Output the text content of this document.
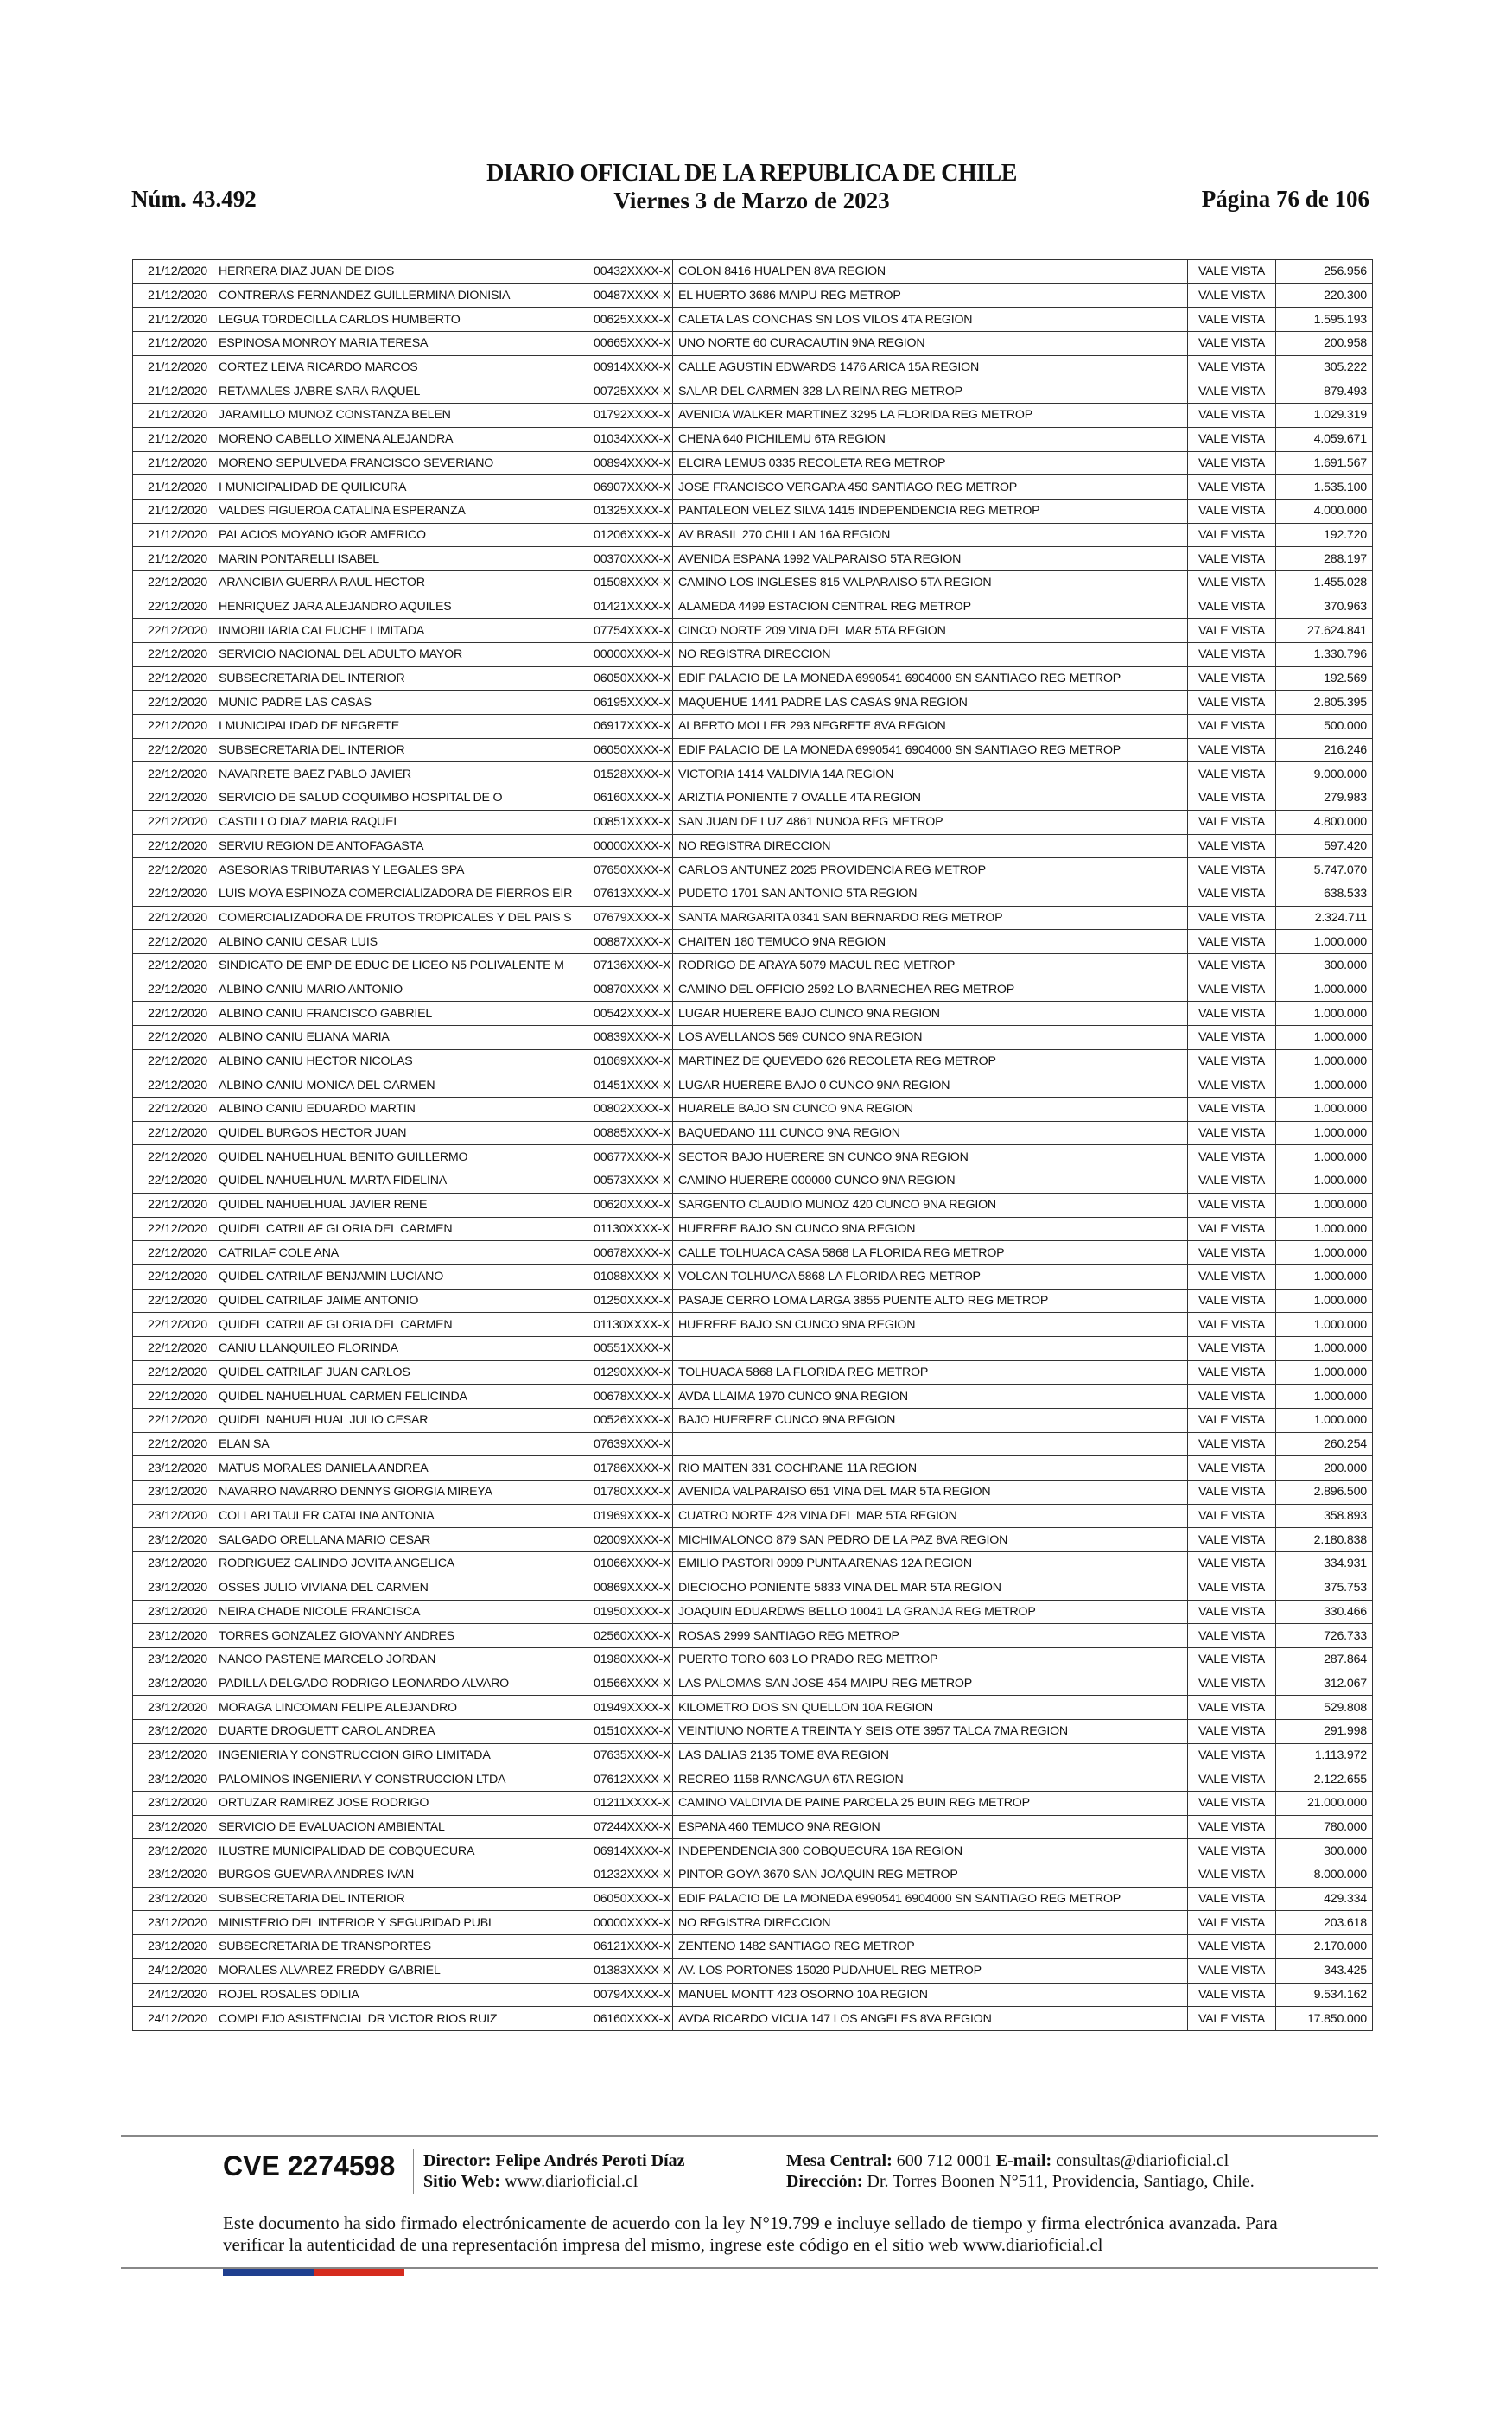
Núm. 43.492
DIARIO OFICIAL DE LA REPUBLICA DE CHILE
Viernes 3 de Marzo de 2023	Página 76 de 106
21/12/2020	HERRERA DIAZ JUAN DE DIOS	00432XXXX-X	COLON 8416 HUALPEN 8VA REGION	VALE VISTA	256.956
21/12/2020	CONTRERAS FERNANDEZ GUILLERMINA DIONISIA	00487XXXX-X	EL HUERTO 3686 MAIPU REG METROP	VALE VISTA	220.300
21/12/2020	LEGUA TORDECILLA CARLOS HUMBERTO	00625XXXX-X	CALETA LAS CONCHAS SN LOS VILOS 4TA REGION	VALE VISTA	1.595.193
21/12/2020	ESPINOSA MONROY MARIA TERESA	00665XXXX-X	UNO NORTE 60 CURACAUTIN 9NA REGION	VALE VISTA	200.958
21/12/2020	CORTEZ LEIVA RICARDO MARCOS	00914XXXX-X	CALLE AGUSTIN EDWARDS 1476 ARICA 15A REGION	VALE VISTA	305.222
21/12/2020	RETAMALES JABRE SARA RAQUEL	00725XXXX-X	SALAR DEL CARMEN 328 LA REINA REG METROP	VALE VISTA	879.493
21/12/2020	JARAMILLO MUNOZ CONSTANZA BELEN	01792XXXX-X	AVENIDA WALKER MARTINEZ 3295 LA FLORIDA REG METROP	VALE VISTA	1.029.319
21/12/2020	MORENO CABELLO XIMENA ALEJANDRA	01034XXXX-X	CHENA 640 PICHILEMU 6TA REGION	VALE VISTA	4.059.671
21/12/2020	MORENO SEPULVEDA FRANCISCO SEVERIANO	00894XXXX-X	ELCIRA LEMUS 0335 RECOLETA REG METROP	VALE VISTA	1.691.567
21/12/2020	I MUNICIPALIDAD DE QUILICURA	06907XXXX-X	JOSE FRANCISCO VERGARA 450 SANTIAGO REG METROP	VALE VISTA	1.535.100
21/12/2020	VALDES FIGUEROA CATALINA ESPERANZA	01325XXXX-X	PANTALEON VELEZ SILVA 1415 INDEPENDENCIA REG METROP	VALE VISTA	4.000.000
21/12/2020	PALACIOS MOYANO IGOR AMERICO	01206XXXX-X	AV BRASIL 270 CHILLAN 16A REGION	VALE VISTA	192.720
21/12/2020	MARIN PONTARELLI ISABEL	00370XXXX-X	AVENIDA ESPANA 1992 VALPARAISO 5TA REGION	VALE VISTA	288.197
22/12/2020	ARANCIBIA GUERRA RAUL HECTOR	01508XXXX-X	CAMINO LOS INGLESES 815 VALPARAISO 5TA REGION	VALE VISTA	1.455.028
22/12/2020	HENRIQUEZ JARA ALEJANDRO AQUILES	01421XXXX-X	ALAMEDA 4499 ESTACION CENTRAL REG METROP	VALE VISTA	370.963
22/12/2020	INMOBILIARIA CALEUCHE LIMITADA	07754XXXX-X	CINCO NORTE 209 VINA DEL MAR 5TA REGION	VALE VISTA	27.624.841
22/12/2020	SERVICIO NACIONAL DEL ADULTO MAYOR	00000XXXX-X	NO REGISTRA DIRECCION	VALE VISTA	1.330.796
22/12/2020	SUBSECRETARIA DEL INTERIOR	06050XXXX-X	EDIF PALACIO DE LA MONEDA 6990541 6904000 SN SANTIAGO REG METROP	VALE VISTA	192.569
22/12/2020	MUNIC PADRE LAS CASAS	06195XXXX-X	MAQUEHUE 1441 PADRE LAS CASAS 9NA REGION	VALE VISTA	2.805.395
22/12/2020	I MUNICIPALIDAD DE NEGRETE	06917XXXX-X	ALBERTO MOLLER 293 NEGRETE 8VA REGION	VALE VISTA	500.000
22/12/2020	SUBSECRETARIA DEL INTERIOR	06050XXXX-X	EDIF PALACIO DE LA MONEDA 6990541 6904000 SN SANTIAGO REG METROP	VALE VISTA	216.246
22/12/2020	NAVARRETE BAEZ PABLO JAVIER	01528XXXX-X	VICTORIA 1414 VALDIVIA 14A REGION	VALE VISTA	9.000.000
22/12/2020	SERVICIO DE SALUD COQUIMBO HOSPITAL DE O	06160XXXX-X	ARIZTIA PONIENTE 7 OVALLE 4TA REGION	VALE VISTA	279.983
22/12/2020	CASTILLO DIAZ MARIA RAQUEL	00851XXXX-X	SAN JUAN DE LUZ 4861 NUNOA REG METROP	VALE VISTA	4.800.000
22/12/2020	SERVIU REGION DE ANTOFAGASTA	00000XXXX-X	NO REGISTRA DIRECCION	VALE VISTA	597.420
22/12/2020	ASESORIAS TRIBUTARIAS Y LEGALES SPA	07650XXXX-X	CARLOS ANTUNEZ 2025 PROVIDENCIA REG METROP	VALE VISTA	5.747.070
22/12/2020	LUIS MOYA ESPINOZA COMERCIALIZADORA DE FIERROS EIR	07613XXXX-X	PUDETO 1701 SAN ANTONIO 5TA REGION	VALE VISTA	638.533
22/12/2020	COMERCIALIZADORA DE FRUTOS TROPICALES Y DEL PAIS S	07679XXXX-X	SANTA MARGARITA 0341 SAN BERNARDO REG METROP	VALE VISTA	2.324.711
22/12/2020	ALBINO CANIU CESAR LUIS	00887XXXX-X	CHAITEN 180 TEMUCO 9NA REGION	VALE VISTA	1.000.000
22/12/2020	SINDICATO DE EMP DE EDUC DE LICEO N5 POLIVALENTE M	07136XXXX-X	RODRIGO DE ARAYA 5079 MACUL REG METROP	VALE VISTA	300.000
22/12/2020	ALBINO CANIU MARIO ANTONIO	00870XXXX-X	CAMINO DEL OFFICIO 2592 LO BARNECHEA REG METROP	VALE VISTA	1.000.000
22/12/2020	ALBINO CANIU FRANCISCO GABRIEL	00542XXXX-X	LUGAR HUERERE BAJO CUNCO 9NA REGION	VALE VISTA	1.000.000
22/12/2020	ALBINO CANIU ELIANA MARIA	00839XXXX-X	LOS AVELLANOS 569 CUNCO 9NA REGION	VALE VISTA	1.000.000
22/12/2020	ALBINO CANIU HECTOR NICOLAS	01069XXXX-X	MARTINEZ DE QUEVEDO 626 RECOLETA REG METROP	VALE VISTA	1.000.000
22/12/2020	ALBINO CANIU MONICA DEL CARMEN	01451XXXX-X	LUGAR HUERERE BAJO 0 CUNCO 9NA REGION	VALE VISTA	1.000.000
22/12/2020	ALBINO CANIU EDUARDO MARTIN	00802XXXX-X	HUARELE BAJO SN CUNCO 9NA REGION	VALE VISTA	1.000.000
22/12/2020	QUIDEL BURGOS HECTOR JUAN	00885XXXX-X	BAQUEDANO 111 CUNCO 9NA REGION	VALE VISTA	1.000.000
22/12/2020	QUIDEL NAHUELHUAL BENITO GUILLERMO	00677XXXX-X	SECTOR BAJO HUERERE SN CUNCO 9NA REGION	VALE VISTA	1.000.000
22/12/2020	QUIDEL NAHUELHUAL MARTA FIDELINA	00573XXXX-X	CAMINO HUERERE 000000 CUNCO 9NA REGION	VALE VISTA	1.000.000
22/12/2020	QUIDEL NAHUELHUAL JAVIER RENE	00620XXXX-X	SARGENTO CLAUDIO MUNOZ 420 CUNCO 9NA REGION	VALE VISTA	1.000.000
22/12/2020	QUIDEL CATRILAF GLORIA DEL CARMEN	01130XXXX-X	HUERERE BAJO SN CUNCO 9NA REGION	VALE VISTA	1.000.000
22/12/2020	CATRILAF COLE ANA	00678XXXX-X	CALLE TOLHUACA CASA 5868 LA FLORIDA REG METROP	VALE VISTA	1.000.000
22/12/2020	QUIDEL CATRILAF BENJAMIN LUCIANO	01088XXXX-X	VOLCAN TOLHUACA 5868 LA FLORIDA REG METROP	VALE VISTA	1.000.000
22/12/2020	QUIDEL CATRILAF JAIME ANTONIO	01250XXXX-X	PASAJE CERRO LOMA LARGA 3855 PUENTE ALTO REG METROP	VALE VISTA	1.000.000
22/12/2020	QUIDEL CATRILAF GLORIA DEL CARMEN	01130XXXX-X	HUERERE BAJO SN CUNCO 9NA REGION	VALE VISTA	1.000.000
22/12/2020	CANIU LLANQUILEO FLORINDA	00551XXXX-X		VALE VISTA	1.000.000
22/12/2020	QUIDEL CATRILAF JUAN CARLOS	01290XXXX-X	TOLHUACA 5868 LA FLORIDA REG METROP	VALE VISTA	1.000.000
22/12/2020	QUIDEL NAHUELHUAL CARMEN FELICINDA	00678XXXX-X	AVDA LLAIMA 1970 CUNCO 9NA REGION	VALE VISTA	1.000.000
22/12/2020	QUIDEL NAHUELHUAL JULIO CESAR	00526XXXX-X	BAJO HUERERE CUNCO 9NA REGION	VALE VISTA	1.000.000
22/12/2020	ELAN SA	07639XXXX-X		VALE VISTA	260.254
23/12/2020	MATUS MORALES DANIELA ANDREA	01786XXXX-X	RIO MAITEN 331 COCHRANE 11A REGION	VALE VISTA	200.000
23/12/2020	NAVARRO NAVARRO DENNYS GIORGIA MIREYA	01780XXXX-X	AVENIDA VALPARAISO 651 VINA DEL MAR 5TA REGION	VALE VISTA	2.896.500
23/12/2020	COLLARI TAULER CATALINA ANTONIA	01969XXXX-X	CUATRO NORTE 428 VINA DEL MAR 5TA REGION	VALE VISTA	358.893
23/12/2020	SALGADO ORELLANA MARIO CESAR	02009XXXX-X	MICHIMALONCO 879 SAN PEDRO DE LA PAZ 8VA REGION	VALE VISTA	2.180.838
23/12/2020	RODRIGUEZ GALINDO JOVITA ANGELICA	01066XXXX-X	EMILIO PASTORI 0909 PUNTA ARENAS 12A REGION	VALE VISTA	334.931
23/12/2020	OSSES JULIO VIVIANA DEL CARMEN	00869XXXX-X	DIECIOCHO PONIENTE 5833 VINA DEL MAR 5TA REGION	VALE VISTA	375.753
23/12/2020	NEIRA CHADE NICOLE FRANCISCA	01950XXXX-X	JOAQUIN EDUARDWS BELLO 10041 LA GRANJA REG METROP	VALE VISTA	330.466
23/12/2020	TORRES GONZALEZ GIOVANNY ANDRES	02560XXXX-X	ROSAS 2999 SANTIAGO REG METROP	VALE VISTA	726.733
23/12/2020	NANCO PASTENE MARCELO JORDAN	01980XXXX-X	PUERTO TORO 603 LO PRADO REG METROP	VALE VISTA	287.864
23/12/2020	PADILLA DELGADO RODRIGO LEONARDO ALVARO	01566XXXX-X	LAS PALOMAS SAN JOSE 454 MAIPU REG METROP	VALE VISTA	312.067
23/12/2020	MORAGA LINCOMAN FELIPE ALEJANDRO	01949XXXX-X	KILOMETRO DOS SN QUELLON 10A REGION	VALE VISTA	529.808
23/12/2020	DUARTE DROGUETT CAROL ANDREA	01510XXXX-X	VEINTIUNO NORTE A TREINTA Y SEIS OTE 3957 TALCA 7MA REGION	VALE VISTA	291.998
23/12/2020	INGENIERIA Y CONSTRUCCION GIRO LIMITADA	07635XXXX-X	LAS DALIAS 2135 TOME 8VA REGION	VALE VISTA	1.113.972
23/12/2020	PALOMINOS INGENIERIA Y CONSTRUCCION LTDA	07612XXXX-X	RECREO 1158 RANCAGUA 6TA REGION	VALE VISTA	2.122.655
23/12/2020	ORTUZAR RAMIREZ JOSE RODRIGO	01211XXXX-X	CAMINO VALDIVIA DE PAINE PARCELA 25 BUIN REG METROP	VALE VISTA	21.000.000
23/12/2020	SERVICIO DE EVALUACION AMBIENTAL	07244XXXX-X	ESPANA 460 TEMUCO 9NA REGION	VALE VISTA	780.000
23/12/2020	ILUSTRE MUNICIPALIDAD DE COBQUECURA	06914XXXX-X	INDEPENDENCIA 300 COBQUECURA 16A REGION	VALE VISTA	300.000
23/12/2020	BURGOS GUEVARA ANDRES IVAN	01232XXXX-X	PINTOR GOYA 3670 SAN JOAQUIN REG METROP	VALE VISTA	8.000.000
23/12/2020	SUBSECRETARIA DEL INTERIOR	06050XXXX-X	EDIF PALACIO DE LA MONEDA 6990541 6904000 SN SANTIAGO REG METROP	VALE VISTA	429.334
23/12/2020	MINISTERIO DEL INTERIOR Y SEGURIDAD PUBL	00000XXXX-X	NO REGISTRA DIRECCION	VALE VISTA	203.618
23/12/2020	SUBSECRETARIA DE TRANSPORTES	06121XXXX-X	ZENTENO 1482 SANTIAGO REG METROP	VALE VISTA	2.170.000
24/12/2020	MORALES ALVAREZ FREDDY GABRIEL	01383XXXX-X	AV. LOS PORTONES 15020 PUDAHUEL REG METROP	VALE VISTA	343.425
24/12/2020	ROJEL ROSALES ODILIA	00794XXXX-X	MANUEL MONTT 423 OSORNO 10A REGION	VALE VISTA	9.534.162
24/12/2020	COMPLEJO ASISTENCIAL DR VICTOR RIOS RUIZ	06160XXXX-X	AVDA RICARDO VICUA 147 LOS ANGELES 8VA REGION	VALE VISTA	17.850.000
CVE 2274598 Director: Felipe Andrés Peroti Díaz
Sitio Web: www.diarioficial.cl
Mesa Central: 600 712 0001 E-mail: consultas@diarioficial.cl
Dirección: Dr. Torres Boonen N°511, Providencia, Santiago, Chile.
Este documento ha sido firmado electrónicamente de acuerdo con la ley N°19.799 e incluye sellado de tiempo y firma electrónica avanzada. Para verificar la autenticidad de una representación impresa del mismo, ingrese este código en el sitio web www.diarioficial.cl
